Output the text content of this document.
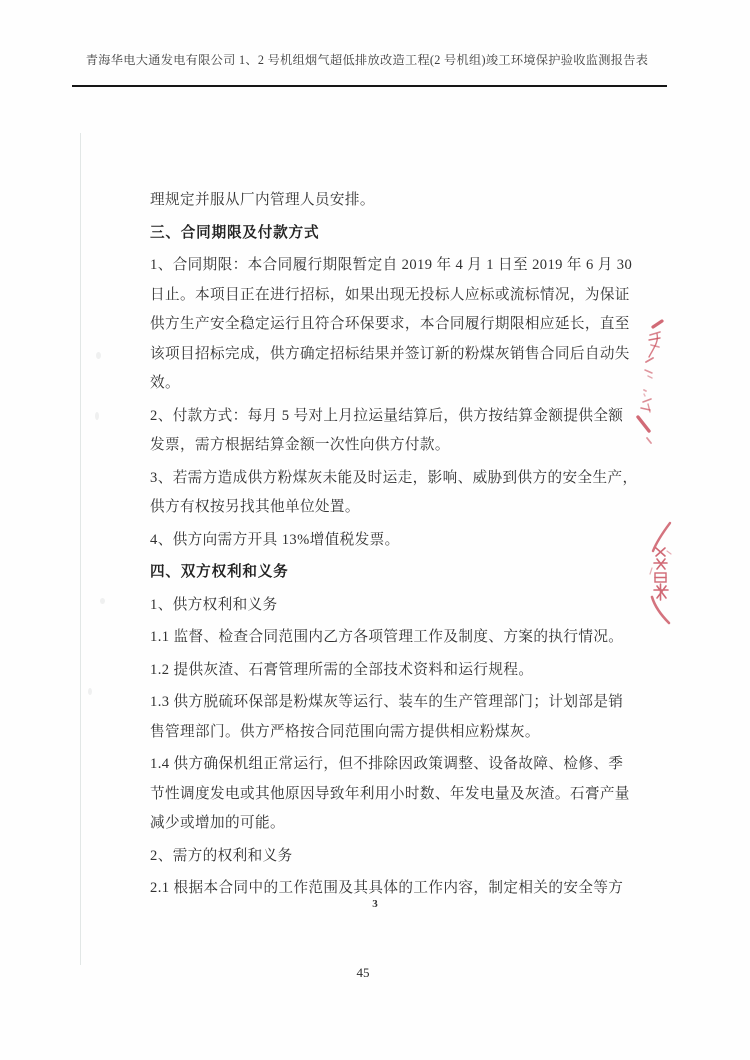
青海华电大通发电有限公司 1、2 号机组烟气超低排放改造工程(2 号机组)竣工环境保护验收监测报告表
理规定并服从厂内管理人员安排。
三、合同期限及付款方式
1、合同期限：本合同履行期限暂定自 2019 年 4 月 1 日至 2019 年 6 月 30
日止。本项目正在进行招标，如果出现无投标人应标或流标情况，为保证
供方生产安全稳定运行且符合环保要求，本合同履行期限相应延长，直至
该项目招标完成，供方确定招标结果并签订新的粉煤灰销售合同后自动失
效。
2、付款方式：每月 5 号对上月拉运量结算后，供方按结算金额提供全额
发票，需方根据结算金额一次性向供方付款。
3、若需方造成供方粉煤灰未能及时运走，影响、威胁到供方的安全生产，
供方有权按另找其他单位处置。
4、供方向需方开具 13%增值税发票。
四、双方权利和义务
1、供方权利和义务
1.1 监督、检查合同范围内乙方各项管理工作及制度、方案的执行情况。
1.2 提供灰渣、石膏管理所需的全部技术资料和运行规程。
1.3 供方脱硫环保部是粉煤灰等运行、装车的生产管理部门；计划部是销
售管理部门。供方严格按合同范围向需方提供相应粉煤灰。
1.4 供方确保机组正常运行，但不排除因政策调整、设备故障、检修、季
节性调度发电或其他原因导致年利用小时数、年发电量及灰渣。石膏产量
减少或增加的可能。
2、需方的权利和义务
2.1 根据本合同中的工作范围及其具体的工作内容，制定相关的安全等方
3
45
